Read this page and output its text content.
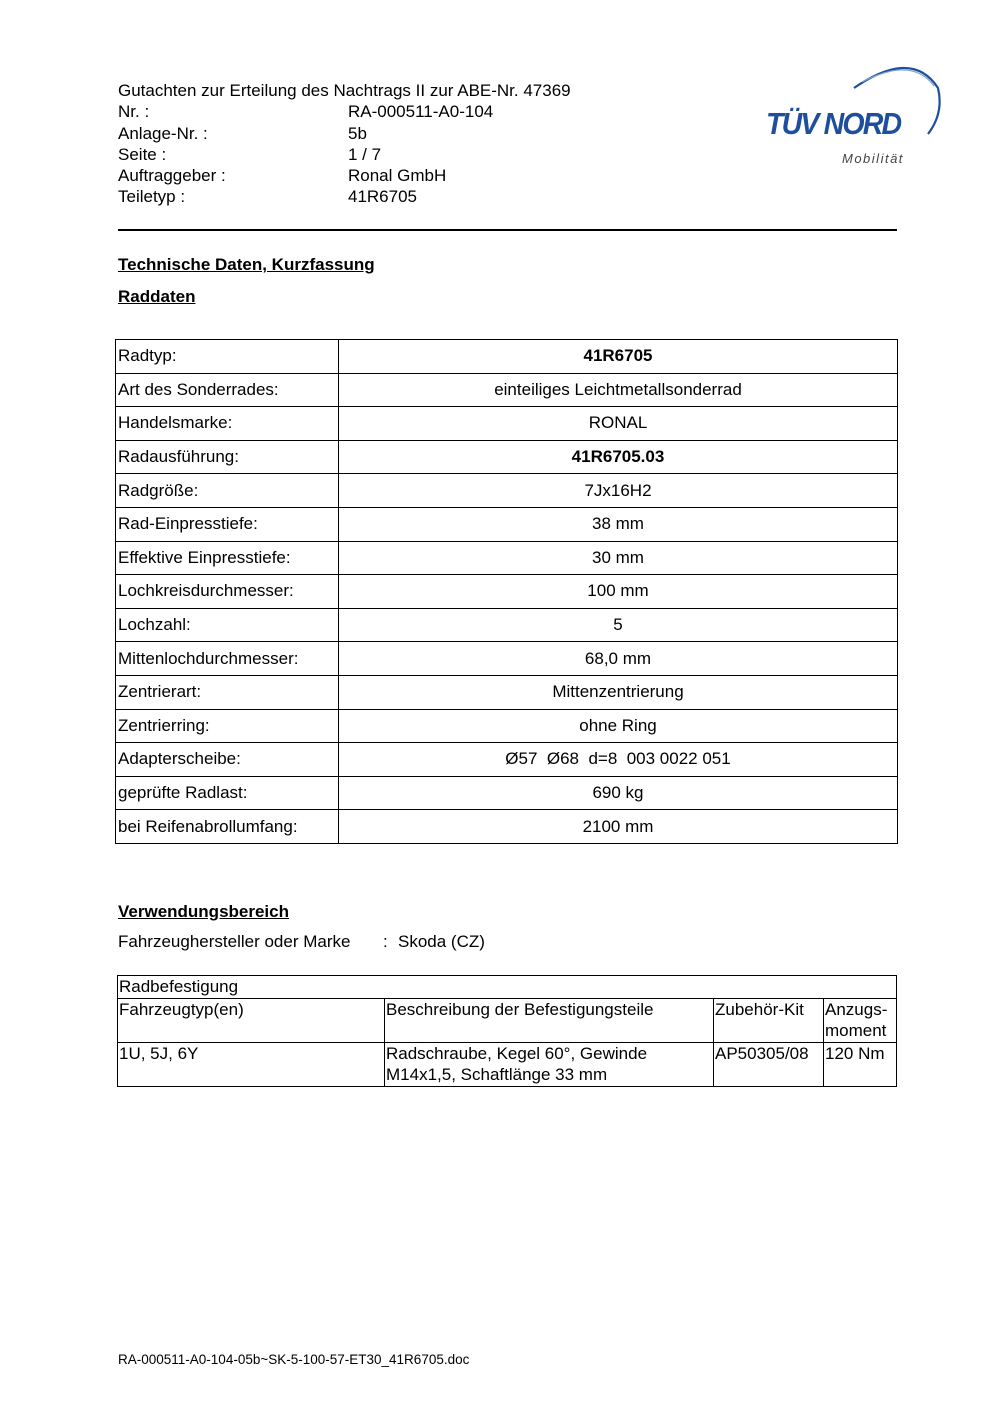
Gutachten zur Erteilung des Nachtrags II zur ABE-Nr. 47369
Nr. :	RA-000511-A0-104
Anlage-Nr. :	5b
Seite :	1 / 7
Auftraggeber :	Ronal GmbH
Teiletyp :	41R6705
TÜV NORD
Mobilität
Technische Daten, Kurzfassung
Raddaten
Radtyp:	41R6705
Art des Sonderrades:	einteiliges Leichtmetallsonderrad
Handelsmarke:	RONAL
Radausführung:	41R6705.03
Radgröße:	7Jx16H2
Rad-Einpresstiefe:	38 mm
Effektive Einpresstiefe:	30 mm
Lochkreisdurchmesser:	100 mm
Lochzahl:	5
Mittenlochdurchmesser:	68,0 mm
Zentrierart:	Mittenzentrierung
Zentrierring:	ohne Ring
Adapterscheibe:	Ø57  Ø68  d=8  003 0022 051
geprüfte Radlast:	690 kg
bei Reifenabrollumfang:	2100 mm
Verwendungsbereich
Fahrzeughersteller oder Marke	: Skoda (CZ)
Radbefestigung			
Fahrzeugtyp(en)	Beschreibung der Befestigungsteile	Zubehör-Kit	Anzugs-
moment

1U, 5J, 6Y	Radschraube, Kegel 60°, Gewinde
M14x1,5, Schaftlänge 33 mm	AP50305/08	120 Nm
RA-000511-A0-104-05b~SK-5-100-57-ET30_41R6705.doc
